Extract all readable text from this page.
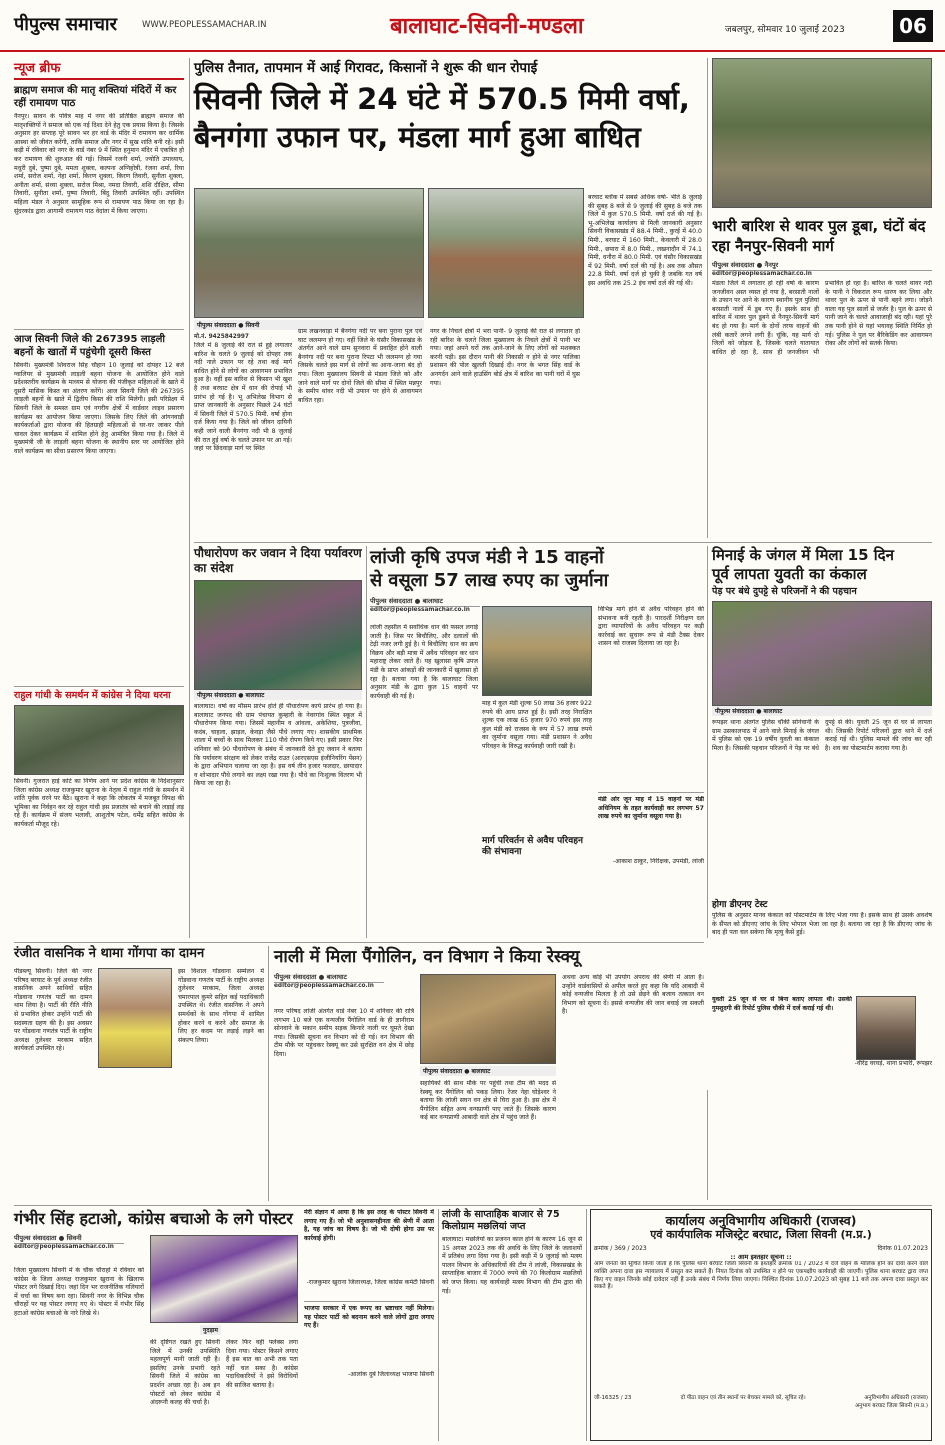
पीपुल्स समाचार	WWW.PEOPLESSAMACHAR.IN	बालाघाट-सिवनी-मण्डला	जबलपुर, सोमवार 10 जुलाई 2023	06
न्यूज ब्रीफ
ब्राह्मण समाज की मातृ शक्तियां मंदिरों में कर रहीं रामायण पाठ
नैनपुर। सावन के पवित्र माह में नगर की प्रतिष्ठित ब्राह्मण समाज की मातृशक्तियों ने समाज को एक नई दिशा देने हेतु एक प्रयास किया है। जिसके अनुसार हर सप्ताह पूरे सावन भर हर वार्ड के मंदिर में रामायण कर धार्मिक आस्था को जीवंत करेंगी, ताकि समाज और नगर में सुख शांति बनी रहे। इसी कड़ी में रविवार को नगर के वार्ड नंबर 9 में स्थित हनुमान मंदिर में एकत्रित हो कर रामायण की शुरुआत की गई। जिसमें रजनी शर्मा, ज्योति उपाध्याय, मधुरी दुबे, पुष्पा दुबे, ममता शुक्ला, कल्पना अग्निहोत्री, रंजना शर्मा, रिया शर्मा, सरोज शर्मा, नेहा शर्मा, किरण शुक्ला, किरण तिवारी, सुनीता शुक्ला, अनीता शर्मा, संध्या शुक्ला, सरोज मिश्रा, नमदा तिवारी, शशि दीक्षित, सीमा तिवारी, सुनीता शर्मा, पुष्पा तिवारी, बिंदु तिवारी उपस्थित रहीं। उपस्थित महिला मंडल ने अनुसार सामूहिक रूप से रामायण पाठ किया जा रहा है। सुंदरकांड द्वारा आगामी रामायण पाठ वेदांता में किया जाएगा।
आज सिवनी जिले की 267395 लाड़ली बहनों के खातों में पहुंचेगी दूसरी किस्त
सिवनी। मुख्यमंत्री शिवराज सिंह चौहान 10 जुलाई को दोपहर 12 बजे ग्वालियर से मुख्यमंत्री लाड़ली बहना योजना के आयोजित होने वाले प्रदेशस्तरीय कार्यक्रम के माध्यम से योजना की पंजीकृत महिलाओं के खाते में दूसरी मासिक किस्त का अंतरण करेंगे। आज सिवनी जिले की 267395 लाड़ली बहनों के खाते में द्वितीय किस्त की राशि मिलेगी। इसी परिप्रेक्ष्य में सिवनी जिले के समस्त ग्राम एवं नगरीय क्षेत्रों में वार्डवार लाइव प्रसारण कार्यक्रम का आयोजन किया जाएगा। जिसके लिए जिले की आंगनवाड़ी कार्यकर्ताओं द्वारा योजना की हितग्राही महिलाओं से घर-घर जाकर पीले चावल देकर कार्यक्रम में शामिल होने हेतु आमंत्रित किया गया है। जिले में मुख्यमंत्री जी के लाड़ली बहना योजना के स्थानीय स्तर पर आयोजित होने वाले कार्यक्रम का सीधा प्रसारण किया जाएगा।
राहुल गांधी के समर्थन में कांग्रेस ने दिया धरना
सिवनी। गुजरात हाई कोर्ट का निर्णय आने पर प्रदेश कांग्रेस के निर्देशानुसार जिला कांग्रेस अध्यक्ष राजकुमार खुराना के नेतृत्व में राहुल गांधी के समर्थन में शांति पूर्वक धरने पर बैठे। खुराना ने कहा कि लोकतंत्र में मजबूत विपक्ष की भूमिका का निर्वहन कर रहे राहुल गांधी इस प्रजातंत्र को बचाने की लड़ाई लड़ रहे हैं। कार्यक्रम में संजय भलावी, आशुतोष पटेल, धर्मेंद्र सहित कांग्रेस के कार्यकर्ता मौजूद रहे।
पुलिस तैनात, तापमान में आई गिरावट, किसानों ने शुरू की धान रोपाई
सिवनी जिले में 24 घंटे में 570.5 मिमी वर्षा,
बैनगंगा उफान पर, मंडला मार्ग हुआ बाधित
पीपुल्स संवाददाता ● सिवनी
मो.नं. 9425842997
जिले में 8 जुलाई की रात से हुई लगातार बारिश के चलते 9 जुलाई को दोपहर तक नदी नाले उफान पर रहे तथा कई मार्ग बाधित होने से लोगों का आवागमन प्रभावित हुआ है। वहीं इस बारिश से किसान भी खुश है तथा बरघाट क्षेत्र में धान की रोपाई भी प्रारंभ हो गई है। भू अभिलेख विभाग से प्राप्त जानकारी के अनुसार पिछले 24 घंटों में सिवनी जिले में 570.5 मिमी. वर्षा होना दर्ज किया गया है। जिले को जीवन दायिनी कही जाने वाली बैनगंगा नदी भी 8 जुलाई की रात हुई वर्षा के चलते उफान पर आ गई। जहां पर छिंदवाड़ा मार्ग पर स्थित
ग्राम लखनवाड़ा में बैनगंगा नदी पर बना पुराना पुल एवं घाट जलमग्न हो गए। वहीं जिले के घंसौर विकासखंड के अंतर्गत आने वाले ग्राम सुनवारा में प्रवाहित होने वाली बैनगंगा नदी पर बना पुराना रिपटा भी जलमग्न हो गया जिसके चलते इस मार्ग से लोगों का आना-जाना बंद हो गया। जिला मुख्यालय सिवनी से मंडला जिले को और जाने वाले मार्ग पर दोनों जिले की सीमा में स्थित मन्नपुर के समीप थांवर नदी भी उफान पर होने से आवागमन बाधित रहा।
नगर के निचले क्षेत्रों में भरा पानी- 9 जुलाई की रात से लगातार हो रही बारिश के चलते जिला मुख्यालय के निचले क्षेत्रों में पानी भर गया। जहां अपने घरों तक आने-जाने के लिए लोगों को मशक्कत करनी पड़ी। इस दौरान पानी की निकासी न होने से नगर पालिका प्रशासन की पोल खुलती दिखाई दी। नगर के भगत सिंह वार्ड के अनगर्दन आने वाले हाउसिंग बोर्ड क्षेत्र में बारिश का पानी घरों में घुस गया।
बरघाट ब्लॉक में सबसे अधिक वर्षा- भीते 8 जुलाई की सुबह 8 बजे से 9 जुलाई की सुबह 8 बजे तक जिले में कुल 570.5 मिमी. वर्षा दर्ज की गई है। भू-अभिलेख कार्यालय से मिली जानकारी अनुसार सिवनी विकासखंड में 88.4 मिमी., कुरई में 40.0 मिमी., बरघाट में 160 मिमी., केवलारी में 28.0 मिमी., छपारा में 8.0 मिमी., लखनादौन में 74.1 मिमी, धनौरा में 80.0 मिमी. एवं घंसौर विकासखंड में 92 मिमी. वर्षा दर्ज की गई है। अब तक औसत 22.8 मिमी. वर्षा दर्ज हो चुकी है जबकि गत वर्ष इस अवधि तक 25.2 इंच वर्षा दर्ज की गई थी।
भारी बारिश से थावर पुल डूबा, घंटों बंद रहा नैनपुर-सिवनी मार्ग
पीपुल्स संवाददाता ● नैनपुर
editor@peoplessamachar.co.in
मंडला जिले में लगातार हो रही वर्षा के कारण जनजीवन अस्त व्यस्त हो गया है, बरसाती नालों के उफान पर आने के कारण स्थानीय पुल पुलियां बरसाती नालों में डूब गए हैं। इसके साथ ही बारिश में थावर पुल डूबने से नैनपुर-सिवनी मार्ग बंद हो गया है। मार्ग के दोनों तरफ वाहनों की लंबी कतारें लगने लगी हैं। चूंकि, यह मार्ग दो जिलों को जोड़ता है, जिसके चलते यातायात बाधित हो रहा है, साथ ही जनजीवन भी प्रभावित हो रहा है। बारिश के चलते थावर नदी के पानी ने विकराल रूप धारण कर लिया और थावर पुल के ऊपर से पानी बहने लगा। जोड़ने वाला यह पुल सालों से जर्जर है। पुल के ऊपर से पानी जाने के चलते आवाजाही बंद रही। यहां पूरे तक पानी होने से यहां भयावह स्थिति निर्मित हो गई। पुलिस ने पुल पर बैरिकेडिंग कर आवागमन रोका और लोगों को सतर्क किया।
पौधारोपण कर जवान ने दिया पर्यावरण का संदेश
पीपुल्स संवाददाता ● बालाघाट
बालाघाट। वर्षा का मौसम प्रारंभ होते ही पौधारोपण कार्य प्रारंभ हो गया है। बालाघाट जनपद की ग्राम पंचायत कुम्हारी के नेवरगांव स्थित स्कूल में पौधारोपण किया गया। जिसमें महानीम व आंवला, अकेशिया, पुत्रजीवा, कदंब, चाहला, झाड़ल, केवड़ा जैसे पौधे लगाए गए। शासकीय प्राथमिक शाला में बच्चों के साथ मिलकर 110 पौधे रोपण किये गए। इसी प्रकार फिर शनिवार को 90 पौधारोपण के संबंध में जानकारी देते हुए जवान ने बताया कि पर्यावरण संरक्षण को लेकर राजेंद्र राउत (आरएसएस इंजीनियरिंग पेंसन) के द्वारा अभियान चलाया जा रहा है। इस वर्ष तीन हजार फलदार, छायादार व शोभादार पौधे लगाने का लक्ष्य रखा गया है। पौधे का निःशुल्क वितरण भी किया जा रहा है।
लांजी कृषि उपज मंडी ने 15 वाहनों
से वसूला 57 लाख रुपए का जुर्माना
पीपुल्स संवाददाता ● बालाघाट
editor@peoplessamachar.co.in
लांजी तहसील में सर्वाधिक धान की फसल लगाई जाती है। जिस पर बिचौलिए, और दलालों की टेढ़ी नजर लगी हुई है। ये बिचौलिए धान का क्रय विक्रय और बड़ी मात्रा में अवैध परिवहन कर धान महाराष्ट्र लेकर जाते हैं। यह खुलासा कृषि उपज मंडी के प्राप्त आंकड़ों की जानकारी में खुलासा हो रहा है। बताया गया है कि बालाघाट जिला अनुसार मंडी के द्वारा कुल 15 वाहनों पर कार्यवाही की गई है।
माह में कुल मंडी शुल्क 50 लाख 36 हजार 922 रुपये की आय प्राप्त हुई है। इसी तरह निराक्षित शुल्क एक लाख 65 हजार 970 रुपये इस तरह कुल मंडी को राजस्व के रूप में 57 लाख रुपये का जुर्माना वसूला गया। मंडी प्रशासन ने अवैध परिवहन के विरुद्ध कार्यवाही जारी रखी है।
मार्ग परिवर्तन से अवैध परिवहन की संभावना
विभिन्न मार्ग होने से अवैध परिवहन होने की संभावना बनी रहती है। पारदर्शी निरीक्षण दल द्वारा व्यापारियों के अवैध परिवहन पर कड़ी कार्रवाई कर सुचारू रूप से मंडी टैक्स देकर शासन को राजस्व दिलाया जा रहा है।
मंडी ओर जून माह में 15 वाहनों पर मंडी अधिनियम के तहत कार्यवाही कर लगभग 57 लाख रुपये का जुर्माना वसूला गया है।
-आकाश ठाकुर, निरीक्षक, उपमंडी, लांजी
मिनाई के जंगल में मिला 15 दिन
पूर्व लापता युवती का कंकाल
पेड़ पर बंधे दुपट्टे से परिजनों ने की पहचान
पीपुल्स संवाददाता ● बालाघाट
रूपझर थाना अंतर्गत पुलिस चौकी सोनेवानी के ग्राम उसकालपाठ में आने वाले मिनाई के जंगल में पुलिस को एक 19 वर्षीय युवती का कंकाल मिला है। जिसकी पहचान परिजनों ने पेड़ पर बंधे दुपट्टे से की। युवती 25 जून से घर से लापता थी। जिसकी रिपोर्ट परिजनों द्वारा थाने में दर्ज कराई गई थी। पुलिस मामले की जांच कर रही है। शव का पोस्टमार्टम कराया गया है।
होगा डीएनए टेस्ट
पुलिस के अनुसार मानव कंकाल को पोस्टमार्टम के लिए भेजा गया है। इसके साथ ही उसके अवशेष के सैंपल को डीएनए जांच के लिए भोपाल भेजा जा रहा है। बताया जा रहा है कि डीएनए जांच के बाद ही पता चल सकेगा कि मृत्यु कैसे हुई।
युवती 25 जून से घर से बिना बताए लापता थी। उसकी गुमशुदगी की रिपोर्ट पुलिस चौकी में दर्ज कराई गई थी।
-वीरेंद्र वरवड़े, थाना प्रभारी, रूपझर
रंजीत वासनिक ने थामा गोंगपा का दामन
पीडब्ल्यू सिवनी। जिले की नगर परिषद बरघाट के पूर्व अध्यक्ष रंजीत वासनिक अपने साथियों सहित गोंडवाना गणतंत्र पार्टी का दामन थाम लिया है। पार्टी की रीति नीति से प्रभावित होकर उन्होंने पार्टी की सदस्यता ग्रहण की है। इस अवसर पर गोंडवाना गणतंत्र पार्टी के राष्ट्रीय अध्यक्ष तुलेश्वर मरकाम सहित कार्यकर्ता उपस्थित रहे।
इस विशाल गोंडवाना सम्मेलन में गोंडवाना गणतंत्र पार्टी के राष्ट्रीय अध्यक्ष तुलेश्वर मरकाम, जिला अध्यक्ष चमारपाल कुमरे सहित कई पदाधिकारी उपस्थित थे। रंजीत वासनिक ने अपने समर्थकों के साथ गोंगपा में शामिल होकर करने व करने और समाज के लिए हर कदम पर लड़ाई लड़ने का संकल्प लिया।
नाली में मिला पैंगोलिन, वन विभाग ने किया रेस्क्यू
पीपुल्स संवाददाता ● बालाघाट
editor@peoplessamachar.co.in
नगर परिषद लांजी अंतर्गत वार्ड नंबर 10 में शनिवार की रात्रि लगभग 10 बजे एक वन्यजीव पैंगोलिन वार्ड के ही ज्ञानीराम सोनवाने के मकान समीप सड़क किनारे नाली पर घूमते देखा गया। जिसकी सूचना वन विभाग को दी गई। वन विभाग की टीम मौके पर पहुंचकर रेस्क्यू कर उसे सुरक्षित वन क्षेत्र में छोड़ दिया।
पीपुल्स संवाददाता ● बालाघाट
सहायिकों की साथ मौके पर पहुंची तथा टीम की मदद से रेस्क्यू कर पैंगोलिन को पकड़ लिया। रेंजर नेहा घोड़ेश्वर ने बताया कि लांजी सघन वन क्षेत्र से घिरा हुआ है। इस क्षेत्र में पैंगोलिन सहित अन्य वन्यप्राणी पाए जाते हैं। जिसके कारण कई बार वन्यप्राणी आबादी वाले क्षेत्र में पहुंच जाते हैं।
अथवा अन्य कोई भी उपयोग अपराध की श्रेणी में आता है। उन्होंने वार्डवासियों से अपील करते हुए कहा कि यदि आबादी में कोई वन्यजीव मिलता है तो उसे छेड़ने की बजाय तत्काल वन विभाग को सूचना दें। इससे वन्यजीव की जान बचाई जा सकती है।
गंभीर सिंह हटाओ, कांग्रेस बचाओ के लगे पोस्टर
पीपुल्स संवाददाता ● सिवनी
editor@peoplessamachar.co.in
जिला मुख्यालय सिवनी में के चौक चौराहों में रविवार को कांग्रेस के जिला अध्यक्ष राजकुमार खुराना के खिलाफ पोस्टर लगे दिखाई दिए। जहां दिन भर राजनीतिक गलियारों में चर्चा का विषय बना रहा। सिवनी नगर के विभिन्न चौक चौराहों पर यह पोस्टर लगाए गए थे। पोस्टर में गंभीर सिंह हटाओ कांग्रेस बचाओ के नारे लिखे थे।
गुदड़ाम
की दृष्टिगत रखते हुए सिवनी जिले में उनकी उपस्थिति महत्वपूर्ण मानी जाती रही है। इसलिए उनके प्रभारी रहते सिवनी जिले में कांग्रेस का प्रदर्शन अच्छा रहा है। अब इन पोस्टरों को लेकर कांग्रेस में अंदरूनी कलह की चर्चा है।
लेकर फिर वही फ्लेक्स लगा दिया गया। पोस्टर किसने लगाए हैं इस बात का अभी तक पता नहीं चल सका है। कांग्रेस पदाधिकारियों ने इसे विरोधियों की साजिश बताया है।
मेरी संज्ञान में आया है कि इस तरह के पोस्टर सिवनी में लगाए गए हैं। जो भी अनुशासनहीनता की श्रेणी में आता है, यह जांच का विषय है। जो भी दोषी होगा उस पर कार्रवाई होगी।
-राजकुमार खुराना जिलाध्यक्ष, जिला कांग्रेस कमेटी सिवनी
भाजपा सरकार में एक रूपए का भ्रष्टाचार नहीं मिलेगा। यह पोस्टर पार्टी को बदनाम करने वाले लोगों द्वारा लगाए गए हैं।
-आलोक दुबे जिलाध्यक्ष भाजपा सिवनी
लांजी के साप्ताहिक बाजार से 75 किलोग्राम मछलियां जप्त
बालाघाट। मछलियों का प्रजनन काल होने के कारण 16 जून से 15 अगस्त 2023 तक की अवधि के लिए जिले के जलाशयों में प्रतिबंध लगा दिया गया है। इसी कड़ी में 9 जुलाई को मत्स्य पालन विभाग के अधिकारियों की टीम ने लांजी, विकासखंड के साप्ताहिक बाजार में 7000 रुपये की 70 किलोग्राम मछलियों को जप्त किया। यह कार्यवाही मत्स्य विभाग की टीम द्वारा की गई।
कार्यालय अनुविभागीय अधिकारी (राजस्व)
एवं कार्यपालिक मजिस्ट्रेट बरघाट, जिला सिवनी (म.प्र.)
क्रमांक / 369 / 2023	दिनांक 01.07.2023
:: आम इश्तहार सूचना ::
आम जनता को सूचित किया जाता है कि पुलिस थाना बरघाट जिला सिवनी के इश्तहार क्रमांक 01 / 2023 में दर्ज वाहन के मालिक होने का दावा करने वाले व्यक्ति अपना दावा इस न्यायालय में प्रस्तुत कर सकते हैं। नियत दिनांक को उपस्थित न होने पर एकपक्षीय कार्यवाही की जाएगी। पुलिस थाना बरघाट द्वारा जप्त किए गए वाहन जिनके कोई दावेदार नहीं हैं उनके संबंध में निर्णय लिया जाएगा। निश्चित दिनांक 10.07.2023 को सुबह 11 बजे तक अपना दावा प्रस्तुत कर सकते हैं।
जी-16325 / 23	दो पीठा वाहन एवं तीन स्थानों पर बेचकर मामले को, सूचित रहे।	अनुविभागीय अधिकारी (राजस्व)
अनुभाग बरघाट जिला सिवनी (म.प्र.)
